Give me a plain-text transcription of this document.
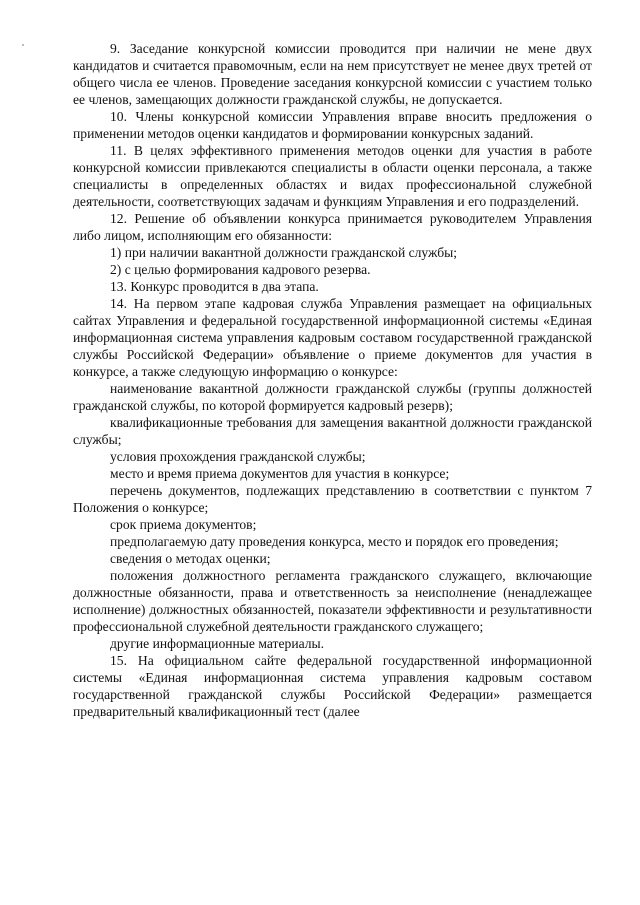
9. Заседание конкурсной комиссии проводится при наличии не мене двух кандидатов и считается правомочным, если на нем присутствует не менее двух третей от общего числа ее членов. Проведение заседания конкурсной комиссии с участием только ее членов, замещающих должности гражданской службы, не допускается.

10. Члены конкурсной комиссии Управления вправе вносить предложения о применении методов оценки кандидатов и формировании конкурсных заданий.

11. В целях эффективного применения методов оценки для участия в работе конкурсной комиссии привлекаются специалисты в области оценки персонала, а также специалисты в определенных областях и видах профессиональной служебной деятельности, соответствующих задачам и функциям Управления и его подразделений.

12. Решение об объявлении конкурса принимается руководителем Управления либо лицом, исполняющим его обязанности:

1) при наличии вакантной должности гражданской службы;

2) с целью формирования кадрового резерва.

13. Конкурс проводится в два этапа.

14. На первом этапе кадровая служба Управления размещает на официальных сайтах Управления и федеральной государственной информационной системы «Единая информационная система управления кадровым составом государственной гражданской службы Российской Федерации» объявление о приеме документов для участия в конкурсе, а также следующую информацию о конкурсе:

наименование вакантной должности гражданской службы (группы должностей гражданской службы, по которой формируется кадровый резерв);

квалификационные требования для замещения вакантной должности гражданской службы;

условия прохождения гражданской службы;

место и время приема документов для участия в конкурсе;

перечень документов, подлежащих представлению в соответствии с пунктом 7 Положения о конкурсе;

срок приема документов;

предполагаемую дату проведения конкурса, место и порядок его проведения;

сведения о методах оценки;

положения должностного регламента гражданского служащего, включающие должностные обязанности, права и ответственность за неисполнение (ненадлежащее исполнение) должностных обязанностей, показатели эффективности и результативности профессиональной служебной деятельности гражданского служащего;

другие информационные материалы.

15. На официальном сайте федеральной государственной информационной системы «Единая информационная система управления кадровым составом государственной гражданской службы Российской Федерации» размещается предварительный квалификационный тест (далее
